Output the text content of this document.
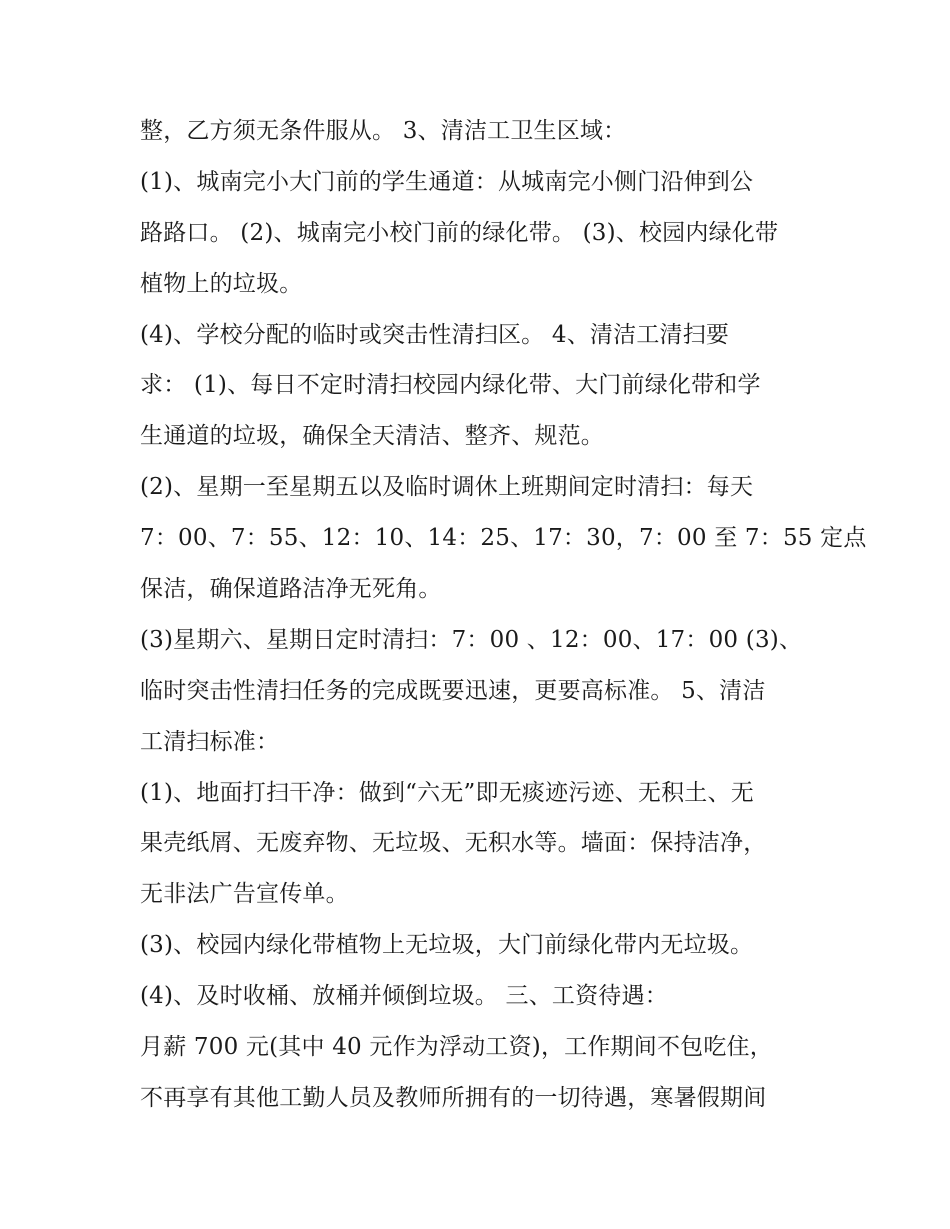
整，乙方须无条件服从。 3、清洁工卫生区域：
(1)、城南完小大门前的学生通道：从城南完小侧门沿伸到公
路路口。 (2)、城南完小校门前的绿化带。 (3)、校园内绿化带
植物上的垃圾。
(4)、学校分配的临时或突击性清扫区。 4、清洁工清扫要
求： (1)、每日不定时清扫校园内绿化带、大门前绿化带和学
生通道的垃圾，确保全天清洁、整齐、规范。
(2)、星期一至星期五以及临时调休上班期间定时清扫：每天
7：00、7：55、12：10、14：25、17：30，7：00 至 7：55 定点
保洁，确保道路洁净无死角。
(3)星期六、星期日定时清扫：7：00 、12：00、17：00 (3)、
临时突击性清扫任务的完成既要迅速，更要高标准。 5、清洁
工清扫标准：
(1)、地面打扫干净：做到“六无”即无痰迹污迹、无积土、无
果壳纸屑、无废弃物、无垃圾、无积水等。墙面：保持洁净，
无非法广告宣传单。
(3)、校园内绿化带植物上无垃圾，大门前绿化带内无垃圾。
(4)、及时收桶、放桶并倾倒垃圾。 三、工资待遇：
月薪 700 元(其中 40 元作为浮动工资)，工作期间不包吃住，
不再享有其他工勤人员及教师所拥有的一切待遇，寒暑假期间
